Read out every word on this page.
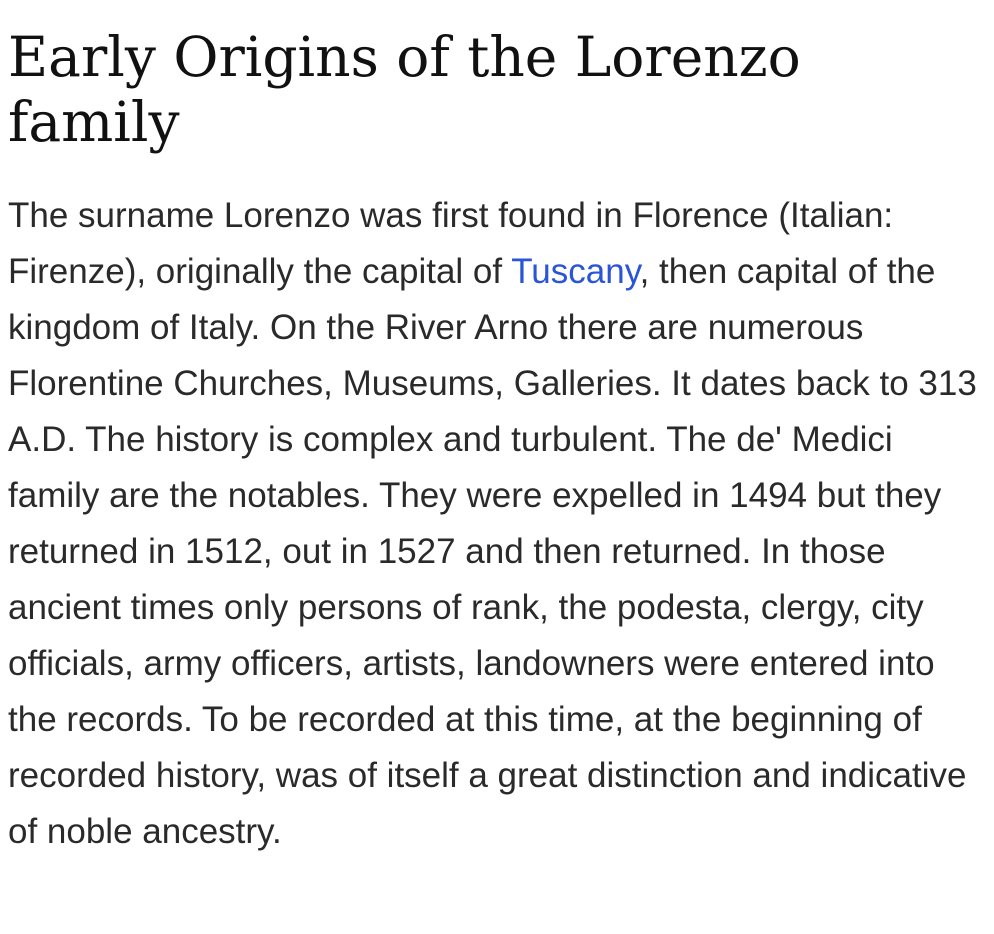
Early Origins of the Lorenzo family

The surname Lorenzo was first found in Florence (Italian: Firenze), originally the capital of Tuscany, then capital of the kingdom of Italy. On the River Arno there are numerous Florentine Churches, Museums, Galleries. It dates back to 313 A.D. The history is complex and turbulent. The de' Medici family are the notables. They were expelled in 1494 but they returned in 1512, out in 1527 and then returned. In those ancient times only persons of rank, the podesta, clergy, city officials, army officers, artists, landowners were entered into the records. To be recorded at this time, at the beginning of recorded history, was of itself a great distinction and indicative of noble ancestry.
